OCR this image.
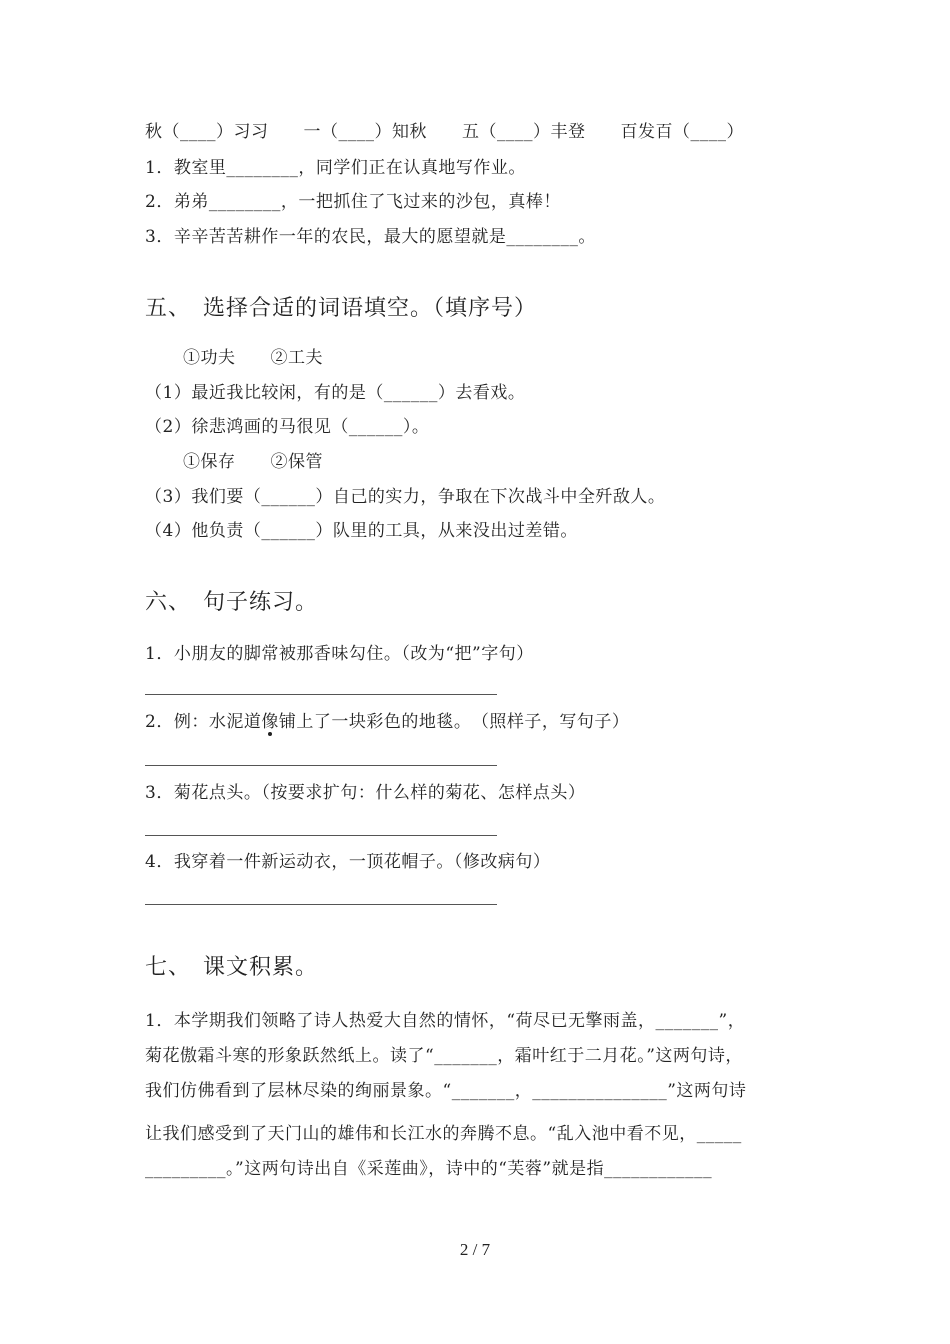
秋（____）习习　　一（____）知秋　　五（____）丰登　　百发百（____）
1．教室里________，同学们正在认真地写作业。
2．弟弟________，一把抓住了飞过来的沙包，真棒！
3．辛辛苦苦耕作一年的农民，最大的愿望就是________。
五、　选择合适的词语填空。（填序号）
①功夫　　②工夫
（1）最近我比较闲，有的是（______）去看戏。
（2）徐悲鸿画的马很见（______）。
①保存　　②保管
（3）我们要（______）自己的实力，争取在下次战斗中全歼敌人。
（4）他负责（______）队里的工具，从来没出过差错。
六、　句子练习。
1．小朋友的脚常被那香味勾住。（改为“把”字句）
2．例：水泥道像铺上了一块彩色的地毯。　（照样子，写句子）
3．菊花点头。（按要求扩句：什么样的菊花、怎样点头）
4．我穿着一件新运动衣，一顶花帽子。（修改病句）
七、　课文积累。
1．本学期我们领略了诗人热爱大自然的情怀，“荷尽已无擎雨盖，_______”，
菊花傲霜斗寒的形象跃然纸上。读了“_______，霜叶红于二月花。”这两句诗，
我们仿佛看到了层林尽染的绚丽景象。“_______，_______________”这两句诗
让我们感受到了天门山的雄伟和长江水的奔腾不息。“乱入池中看不见，_____
_________。”这两句诗出自《采莲曲》，诗中的“芙蓉”就是指____________
2 / 7
